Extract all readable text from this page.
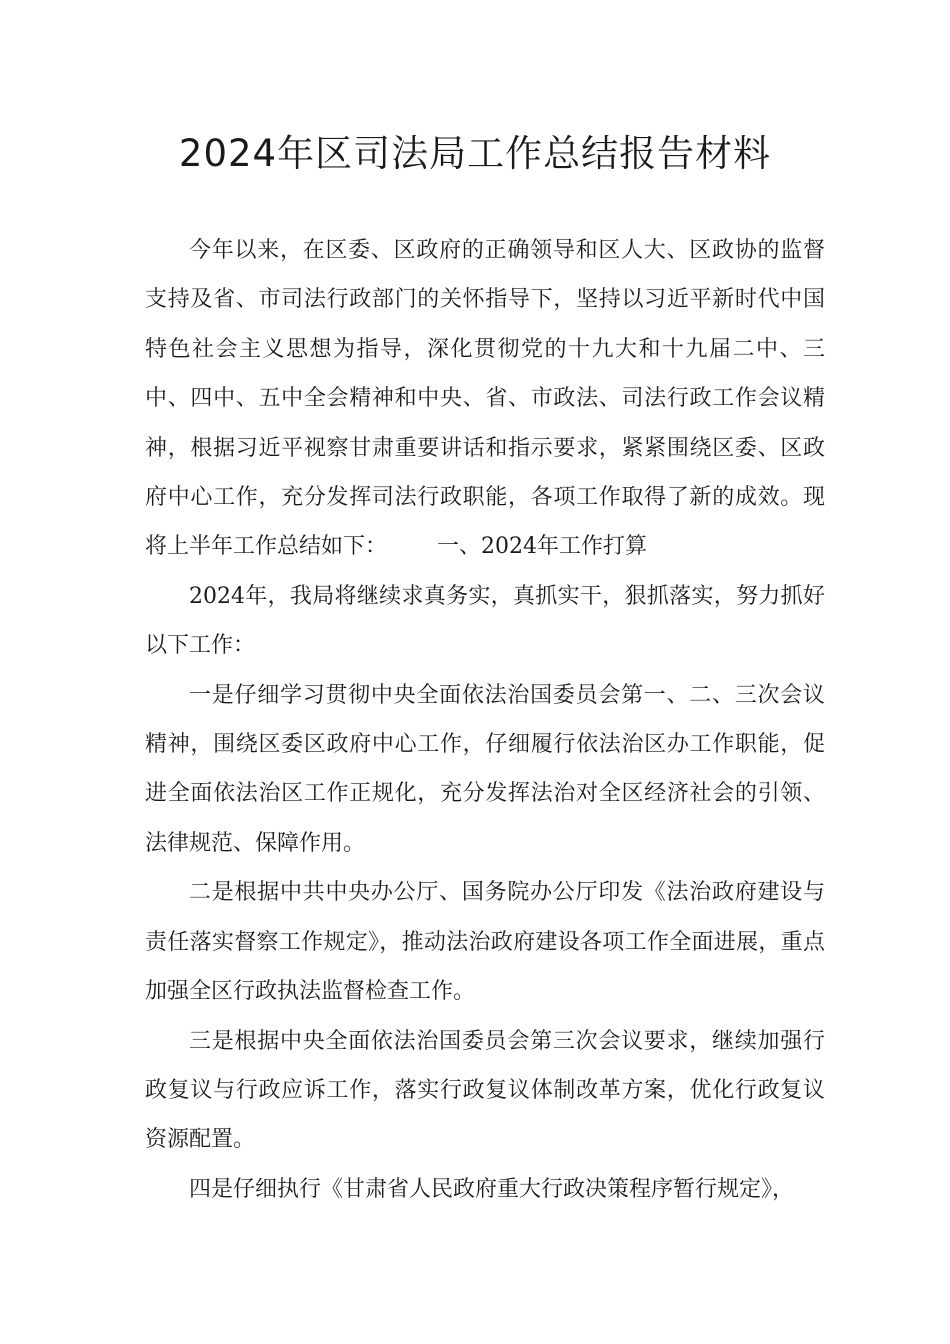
2024年区司法局工作总结报告材料

今年以来，在区委、区政府的正确领导和区人大、区政协的监督支持及省、市司法行政部门的关怀指导下，坚持以习近平新时代中国特色社会主义思想为指导，深化贯彻党的十九大和十九届二中、三中、四中、五中全会精神和中央、省、市政法、司法行政工作会议精神，根据习近平视察甘肃重要讲话和指示要求，紧紧围绕区委、区政府中心工作，充分发挥司法行政职能，各项工作取得了新的成效。现将上半年工作总结如下： 一、2024年工作打算

2024年，我局将继续求真务实，真抓实干，狠抓落实，努力抓好以下工作：

一是仔细学习贯彻中央全面依法治国委员会第一、二、三次会议精神，围绕区委区政府中心工作，仔细履行依法治区办工作职能，促进全面依法治区工作正规化，充分发挥法治对全区经济社会的引领、法律规范、保障作用。

二是根据中共中央办公厅、国务院办公厅印发《法治政府建设与责任落实督察工作规定》，推动法治政府建设各项工作全面进展，重点加强全区行政执法监督检查工作。

三是根据中央全面依法治国委员会第三次会议要求，继续加强行政复议与行政应诉工作，落实行政复议体制改革方案，优化行政复议资源配置。

四是仔细执行《甘肃省人民政府重大行政决策程序暂行规定》，
